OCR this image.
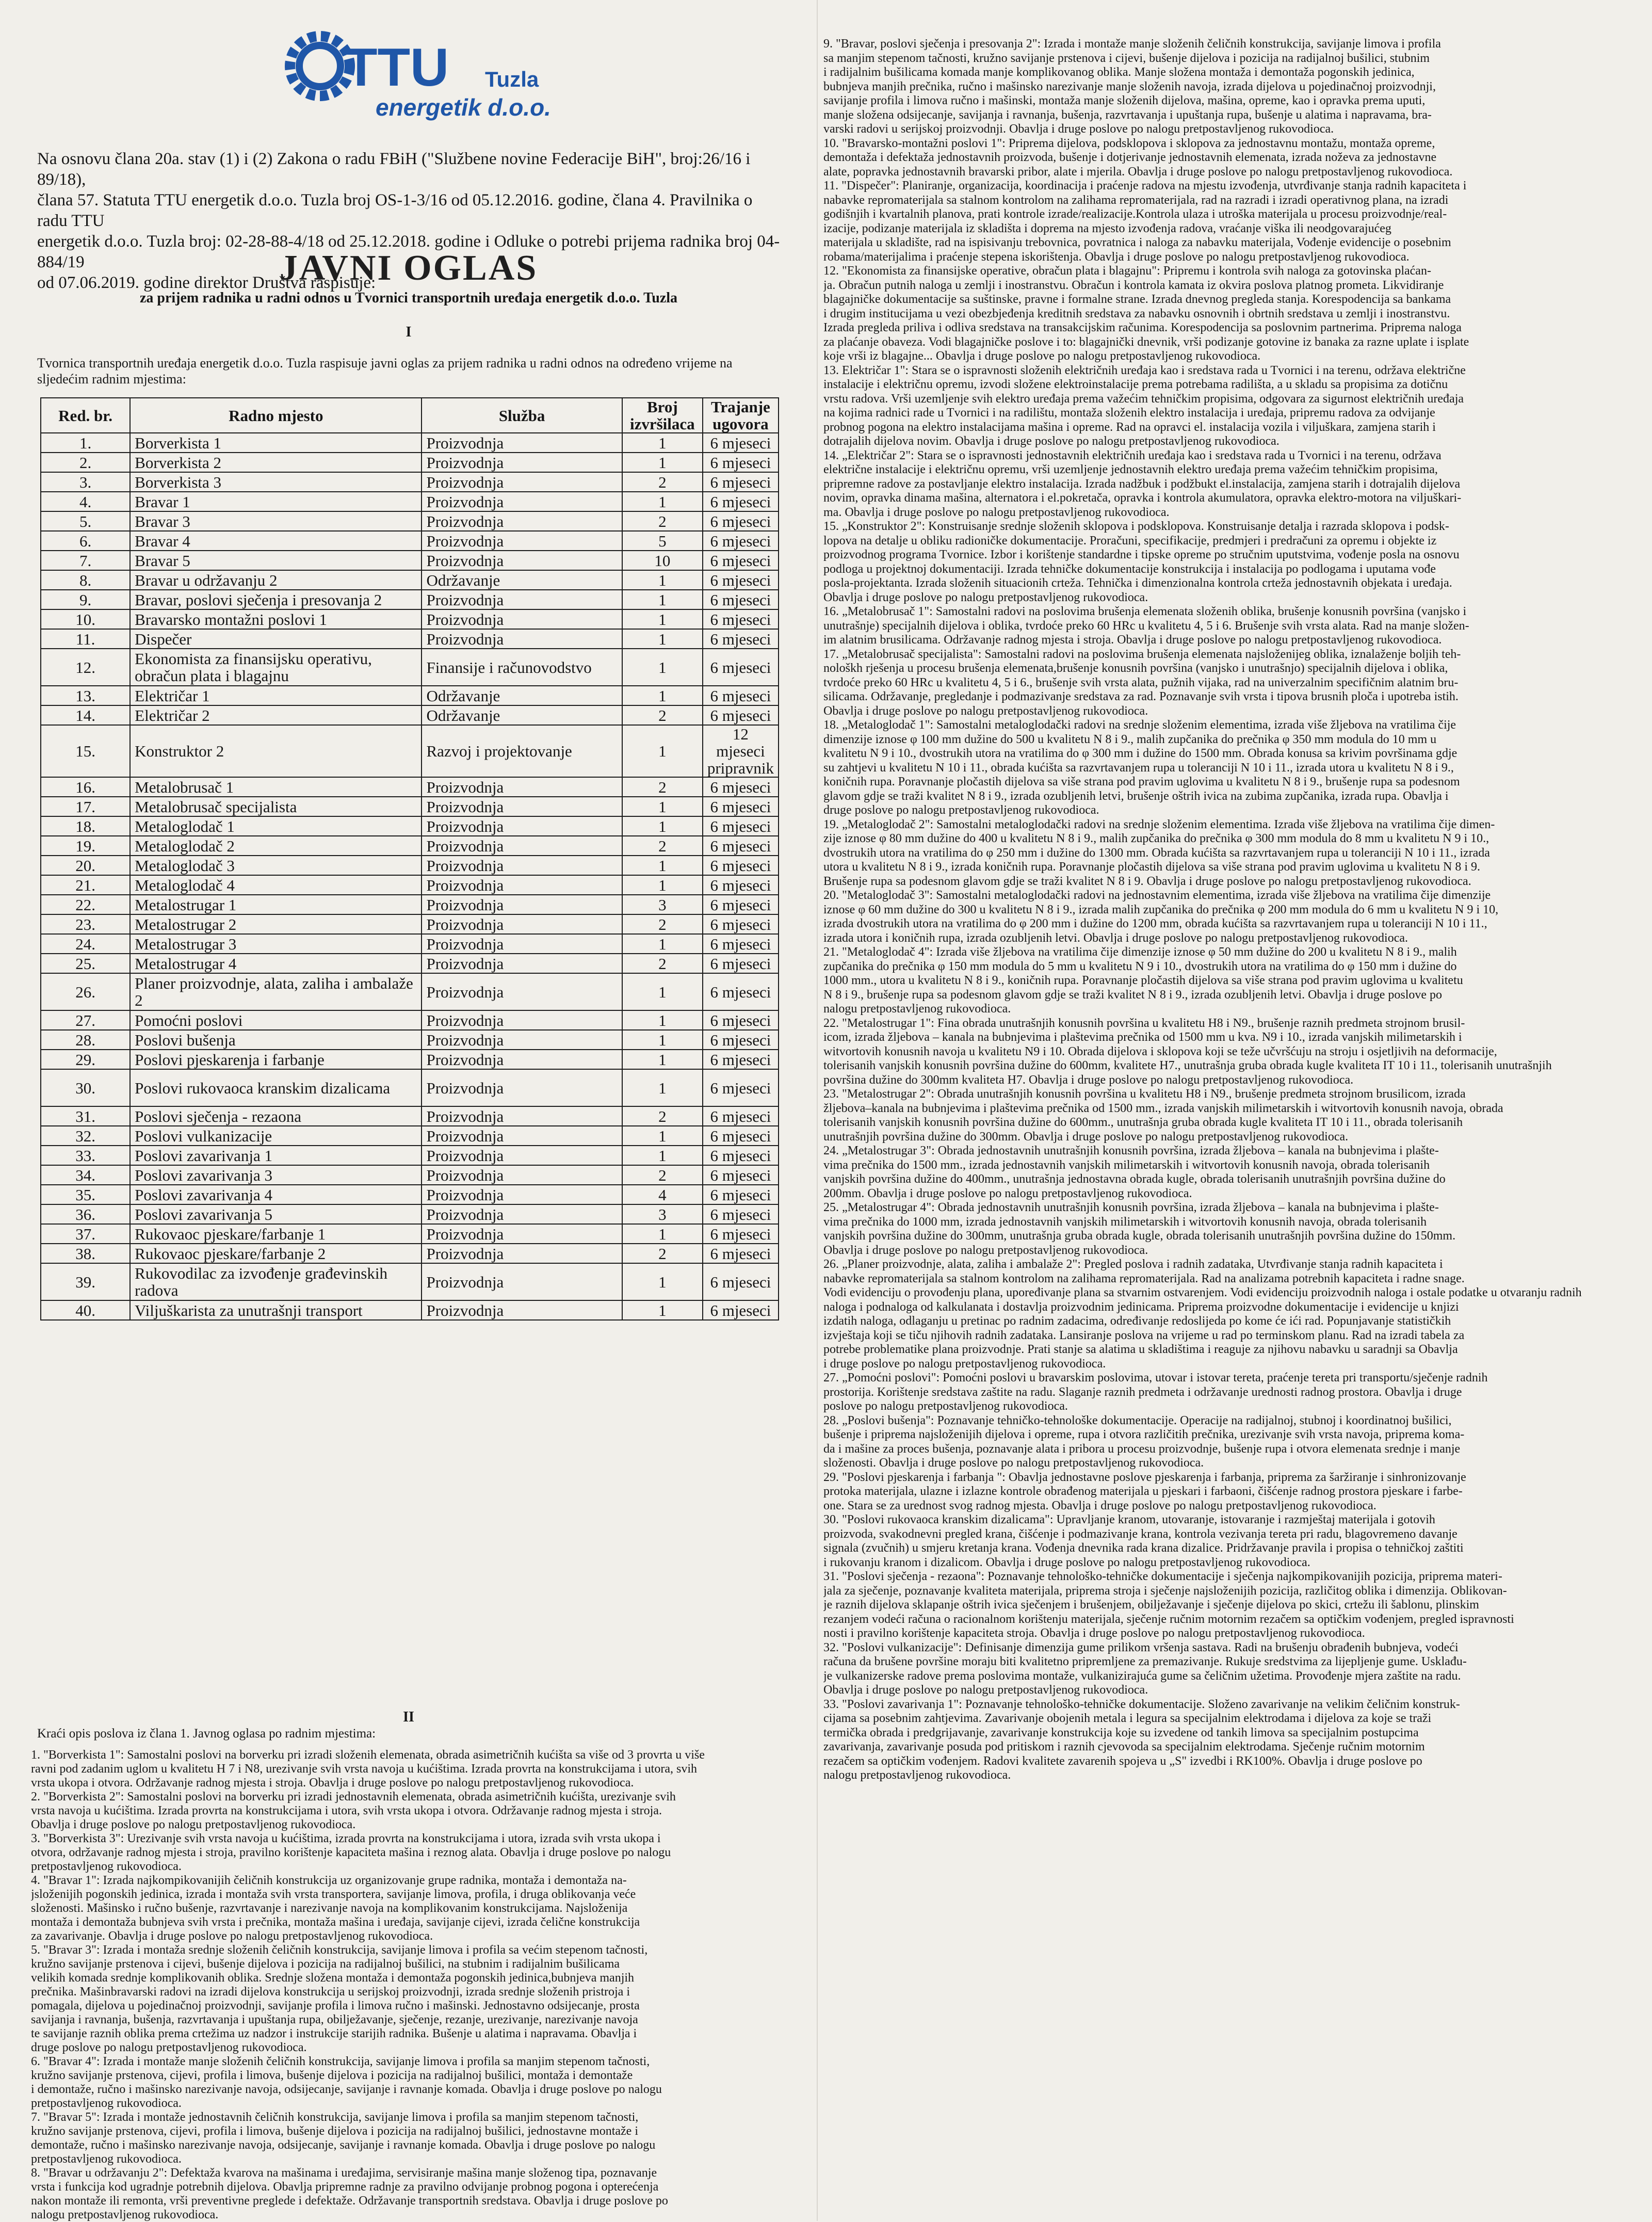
TTU Tuzla
energetik d.o.o.
Na osnovu člana 20a. stav (1) i (2) Zakona o radu FBiH ("Službene novine Federacije BiH", broj:26/16 i 89/18),
člana 57. Statuta TTU energetik d.o.o. Tuzla broj OS-1-3/16 od 05.12.2016. godine, člana 4. Pravilnika o radu TTU
energetik d.o.o. Tuzla broj: 02-28-88-4/18 od 25.12.2018. godine i Odluke o potrebi prijema radnika broj 04-884/19
od 07.06.2019. godine direktor Društva raspisuje:
JAVNI OGLAS
za prijem radnika u radni odnos u Tvornici transportnih uređaja energetik d.o.o. Tuzla
I
Tvornica transportnih uređaja energetik d.o.o. Tuzla raspisuje javni oglas za prijem radnika u radni odnos na određeno vrijeme na
sljedećim radnim mjestima:
Red. br.	Radno mjesto	Služba	Broj izvršilaca	Trajanje ugovora
1.	Borverkista 1	Proizvodnja	1	6 mjeseci
2.	Borverkista 2	Proizvodnja	1	6 mjeseci
3.	Borverkista 3	Proizvodnja	2	6 mjeseci
4.	Bravar 1	Proizvodnja	1	6 mjeseci
5.	Bravar 3	Proizvodnja	2	6 mjeseci
6.	Bravar 4	Proizvodnja	5	6 mjeseci
7.	Bravar 5	Proizvodnja	10	6 mjeseci
8.	Bravar u održavanju 2	Održavanje	1	6 mjeseci
9.	Bravar, poslovi sječenja i presovanja 2	Proizvodnja	1	6 mjeseci
10.	Bravarsko montažni poslovi 1	Proizvodnja	1	6 mjeseci
11.	Dispečer	Proizvodnja	1	6 mjeseci
12.	Ekonomista za finansijsku operativu, obračun plata i blagajnu	Finansije i računovodstvo	1	6 mjeseci
13.	Električar 1	Održavanje	1	6 mjeseci
14.	Električar 2	Održavanje	2	6 mjeseci
15.	Konstruktor 2	Razvoj i projektovanje	1	12 mjeseci pripravnik
16.	Metalobrusač 1	Proizvodnja	2	6 mjeseci
17.	Metalobrusač specijalista	Proizvodnja	1	6 mjeseci
18.	Metaloglodač 1	Proizvodnja	1	6 mjeseci
19.	Metaloglodač 2	Proizvodnja	2	6 mjeseci
20.	Metaloglodač 3	Proizvodnja	1	6 mjeseci
21.	Metaloglodač 4	Proizvodnja	1	6 mjeseci
22.	Metalostrugar 1	Proizvodnja	3	6 mjeseci
23.	Metalostrugar 2	Proizvodnja	2	6 mjeseci
24.	Metalostrugar 3	Proizvodnja	1	6 mjeseci
25.	Metalostrugar 4	Proizvodnja	2	6 mjeseci
26.	Planer proizvodnje, alata, zaliha i ambalaže 2	Proizvodnja	1	6 mjeseci
27.	Pomoćni poslovi	Proizvodnja	1	6 mjeseci
28.	Poslovi bušenja	Proizvodnja	1	6 mjeseci
29.	Poslovi pjeskarenja i farbanje	Proizvodnja	1	6 mjeseci
30.	Poslovi rukovaoca kranskim dizalicama	Proizvodnja	1	6 mjeseci
31.	Poslovi sječenja - rezaona	Proizvodnja	2	6 mjeseci
32.	Poslovi vulkanizacije	Proizvodnja	1	6 mjeseci
33.	Poslovi zavarivanja 1	Proizvodnja	1	6 mjeseci
34.	Poslovi zavarivanja 3	Proizvodnja	2	6 mjeseci
35.	Poslovi zavarivanja 4	Proizvodnja	4	6 mjeseci
36.	Poslovi zavarivanja 5	Proizvodnja	3	6 mjeseci
37.	Rukovaoc pjeskare/farbanje 1	Proizvodnja	1	6 mjeseci
38.	Rukovaoc pjeskare/farbanje 2	Proizvodnja	2	6 mjeseci
39.	Rukovodilac za izvođenje građevinskih radova	Proizvodnja	1	6 mjeseci
40.	Viljuškarista za unutrašnji transport	Proizvodnja	1	6 mjeseci
II
Kraći opis poslova iz člana 1. Javnog oglasa po radnim mjestima:
1. "Borverkista 1": Samostalni poslovi na borverku pri izradi složenih elemenata, obrada asimetričnih kućišta sa više od 3 provrta u više
ravni pod zadanim uglom u kvalitetu H 7 i N8, urezivanje svih vrsta navoja u kućištima. Izrada provrta na konstrukcijama i utora, svih
vrsta ukopa i otvora. Održavanje radnog mjesta i stroja. Obavlja i druge poslove po nalogu pretpostavljenog rukovodioca.
2. "Borverkista 2": Samostalni poslovi na borverku pri izradi jednostavnih elemenata, obrada asimetričnih kućišta, urezivanje svih
vrsta navoja u kućištima. Izrada provrta na konstrukcijama i utora, svih vrsta ukopa i otvora. Održavanje radnog mjesta i stroja.
Obavlja i druge poslove po nalogu pretpostavljenog rukovodioca.
3. "Borverkista 3": Urezivanje svih vrsta navoja u kućištima, izrada provrta na konstrukcijama i utora, izrada svih vrsta ukopa i
otvora, održavanje radnog mjesta i stroja, pravilno korištenje kapaciteta mašina i reznog alata. Obavlja i druge poslove po nalogu
pretpostavljenog rukovodioca.
4. "Bravar 1": Izrada najkompikovanijih čeličnih konstrukcija uz organizovanje grupe radnika, montaža i demontaža na-
jsloženijih pogonskih jedinica, izrada i montaža svih vrsta transportera, savijanje limova, profila, i druga oblikovanja veće
složenosti. Mašinsko i ručno bušenje, razvrtavanje i narezivanje navoja na komplikovanim konstrukcijama. Najsloženija
montaža i demontaža bubnjeva svih vrsta i prečnika, montaža mašina i uređaja, savijanje cijevi, izrada čelične konstrukcija
za zavarivanje. Obavlja i druge poslove po nalogu pretpostavljenog rukovodioca.
5. "Bravar 3": Izrada i montaža srednje složenih čeličnih konstrukcija, savijanje limova i profila sa većim stepenom tačnosti,
kružno savijanje prstenova i cijevi, bušenje dijelova i pozicija na radijalnoj bušilici, na stubnim i radijalnim bušilicama
velikih komada srednje komplikovanih oblika. Srednje složena montaža i demontaža pogonskih jedinica,bubnjeva manjih
prečnika. Mašinbravarski radovi na izradi dijelova konstrukcija u serijskoj proizvodnji, izrada srednje složenih pristroja i
pomagala, dijelova u pojedinačnoj proizvodnji, savijanje profila i limova ručno i mašinski. Jednostavno odsijecanje, prosta
savijanja i ravnanja, bušenja, razvrtavanja i upuštanja rupa, obilježavanje, sječenje, rezanje, urezivanje, narezivanje navoja
te savijanje raznih oblika prema crtežima uz nadzor i instrukcije starijih radnika. Bušenje u alatima i napravama. Obavlja i
druge poslove po nalogu pretpostavljenog rukovodioca.
6. "Bravar 4": Izrada i montaže manje složenih čeličnih konstrukcija, savijanje limova i profila sa manjim stepenom tačnosti,
kružno savijanje prstenova, cijevi, profila i limova, bušenje dijelova i pozicija na radijalnoj bušilici, montaža i demontaže
i demontaže, ručno i mašinsko narezivanje navoja, odsijecanje, savijanje i ravnanje komada. Obavlja i druge poslove po nalogu
pretpostavljenog rukovodioca.
7. "Bravar 5": Izrada i montaže jednostavnih čeličnih konstrukcija, savijanje limova i profila sa manjim stepenom tačnosti,
kružno savijanje prstenova, cijevi, profila i limova, bušenje dijelova i pozicija na radijalnoj bušilici, jednostavne montaže i
demontaže, ručno i mašinsko narezivanje navoja, odsijecanje, savijanje i ravnanje komada. Obavlja i druge poslove po nalogu
pretpostavljenog rukovodioca.
8. "Bravar u održavanju 2": Defektaža kvarova na mašinama i uređajima, servisiranje mašina manje složenog tipa, poznavanje
vrsta i funkcija kod ugradnje potrebnih dijelova. Obavlja pripremne radnje za pravilno odvijanje probnog pogona i opterećenja
nakon montaže ili remonta, vrši preventivne preglede i defektaže. Održavanje transportnih sredstava. Obavlja i druge poslove po
nalogu pretpostavljenog rukovodioca.
9. "Bravar, poslovi sječenja i presovanja 2": Izrada i montaže manje složenih čeličnih konstrukcija, savijanje limova i profila
sa manjim stepenom tačnosti, kružno savijanje prstenova i cijevi, bušenje dijelova i pozicija na radijalnoj bušilici, stubnim
i radijalnim bušilicama komada manje komplikovanog oblika. Manje složena montaža i demontaža pogonskih jedinica,
bubnjeva manjih prečnika, ručno i mašinsko narezivanje manje složenih navoja, izrada dijelova u pojedinačnoj proizvodnji,
savijanje profila i limova ručno i mašinski, montaža manje složenih dijelova, mašina, opreme, kao i opravka prema uputi,
manje složena odsijecanje, savijanja i ravnanja, bušenja, razvrtavanja i upuštanja rupa, bušenje u alatima i napravama, bra-
varski radovi u serijskoj proizvodnji. Obavlja i druge poslove po nalogu pretpostavljenog rukovodioca.
10. "Bravarsko-montažni poslovi 1": Priprema dijelova, podsklopova i sklopova za jednostavnu montažu, montaža opreme,
demontaža i defektaža jednostavnih proizvoda, bušenje i dotjerivanje jednostavnih elemenata, izrada noževa za jednostavne
alate, popravka jednostavnih bravarski pribor, alate i mjerila. Obavlja i druge poslove po nalogu pretpostavljenog rukovodioca.
11. "Dispečer": Planiranje, organizacija, koordinacija i praćenje radova na mjestu izvođenja, utvrđivanje stanja radnih kapaciteta i
nabavke repromaterijala sa stalnom kontrolom na zalihama repromaterijala, rad na razradi i izradi operativnog plana, na izradi
godišnjih i kvartalnih planova, prati kontrole izrade/realizacije.Kontrola ulaza i utroška materijala u procesu proizvodnje/real-
izacije, podizanje materijala iz skladišta i doprema na mjesto izvođenja radova, vraćanje viška ili neodgovarajućeg
materijala u skladište, rad na ispisivanju trebovnica, povratnica i naloga za nabavku materijala, Vođenje evidencije o posebnim
robama/materijalima i praćenje stepena iskorištenja. Obavlja i druge poslove po nalogu pretpostavljenog rukovodioca.
12. "Ekonomista za finansijske operative, obračun plata i blagajnu": Pripremu i kontrola svih naloga za gotovinska plaćan-
ja. Obračun putnih naloga u zemlji i inostranstvu. Obračun i kontrola kamata iz okvira poslova platnog prometa. Likvidiranje
blagajničke dokumentacije sa suštinske, pravne i formalne strane. Izrada dnevnog pregleda stanja. Korespodencija sa bankama
i drugim institucijama u vezi obezbjeđenja kreditnih sredstava za nabavku osnovnih i obrtnih sredstava u zemlji i inostranstvu.
Izrada pregleda priliva i odliva sredstava na transakcijskim računima. Korespodencija sa poslovnim partnerima. Priprema naloga
za plaćanje obaveza. Vodi blagajničke poslove i to: blagajnički dnevnik, vrši podizanje gotovine iz banaka za razne uplate i isplate
koje vrši iz blagajne... Obavlja i druge poslove po nalogu pretpostavljenog rukovodioca.
13. Električar 1": Stara se o ispravnosti složenih električnih uređaja kao i sredstava rada u Tvornici i na terenu, održava električne
instalacije i električnu opremu, izvodi složene elektroinstalacije prema potrebama radilišta, a u skladu sa propisima za dotičnu
vrstu radova. Vrši uzemljenje svih elektro uređaja prema važećim tehničkim propisima, odgovara za sigurnost električnih uređaja
na kojima radnici rade u Tvornici i na radilištu, montaža složenih elektro instalacija i uređaja, pripremu radova za odvijanje
probnog pogona na elektro instalacijama mašina i opreme. Rad na opravci el. instalacija vozila i viljuškara, zamjena starih i
dotrajalih dijelova novim. Obavlja i druge poslove po nalogu pretpostavljenog rukovodioca.
14. „Električar 2": Stara se o ispravnosti jednostavnih električnih uređaja kao i sredstava rada u Tvornici i na terenu, održava
električne instalacije i električnu opremu, vrši uzemljenje jednostavnih elektro uređaja prema važećim tehničkim propisima,
pripremne radove za postavljanje elektro instalacija. Izrada nadžbuk i podžbukt el.instalacija, zamjena starih i dotrajalih dijelova
novim, opravka dinama mašina, alternatora i el.pokretača, opravka i kontrola akumulatora, opravka elektro-motora na viljuškari-
ma. Obavlja i druge poslove po nalogu pretpostavljenog rukovodioca.
15. „Konstruktor 2": Konstruisanje srednje složenih sklopova i podsklopova. Konstruisanje detalja i razrada sklopova i podsk-
lopova na detalje u obliku radioničke dokumentacije. Proračuni, specifikacije, predmjeri i predračuni za opremu i objekte iz
proizvodnog programa Tvornice. Izbor i korištenje standardne i tipske opreme po stručnim uputstvima, vođenje posla na osnovu
podloga u projektnoj dokumentaciji. Izrada tehničke dokumentacije konstrukcija i instalacija po podlogama i uputama vođe
posla-projektanta. Izrada složenih situacionih crteža. Tehnička i dimenzionalna kontrola crteža jednostavnih objekata i uređaja.
Obavlja i druge poslove po nalogu pretpostavljenog rukovodioca.
16. „Metalobrusač 1": Samostalni radovi na poslovima brušenja elemenata složenih oblika, brušenje konusnih površina (vanjsko i
unutrašnje) specijalnih dijelova i oblika, tvrdoće preko 60 HRc u kvalitetu 4, 5 i 6. Brušenje svih vrsta alata. Rad na manje složen-
im alatnim brusilicama. Održavanje radnog mjesta i stroja. Obavlja i druge poslove po nalogu pretpostavljenog rukovodioca.
17. „Metalobrusač specijalista": Samostalni radovi na poslovima brušenja elemenata najsloženijeg oblika, iznalaženje boljih teh-
nološkh rješenja u procesu brušenja elemenata,brušenje konusnih površina (vanjsko i unutrašnjo) specijalnih dijelova i oblika,
tvrdoće preko 60 HRc u kvalitetu 4, 5 i 6., brušenje svih vrsta alata, pužnih vijaka, rad na univerzalnim specifičnim alatnim bru-
silicama. Održavanje, pregledanje i podmazivanje sredstava za rad. Poznavanje svih vrsta i tipova brusnih ploča i upotreba istih.
Obavlja i druge poslove po nalogu pretpostavljenog rukovodioca.
18. „Metaloglodač 1": Samostalni metaloglodački radovi na srednje složenim elementima, izrada više žljebova na vratilima čije
dimenzije iznose φ 100 mm dužine do 500 u kvalitetu N 8 i 9., malih zupčanika do prečnika φ 350 mm modula do 10 mm u
kvalitetu N 9 i 10., dvostrukih utora na vratilima do φ 300 mm i dužine do 1500 mm. Obrada konusa sa krivim površinama gdje
su zahtjevi u kvalitetu N 10 i 11., obrada kućišta sa razvrtavanjem rupa u toleranciji N 10 i 11., izrada utora u kvalitetu N 8 i 9.,
koničnih rupa. Poravnanje pločastih dijelova sa više strana pod pravim uglovima u kvalitetu N 8 i 9., brušenje rupa sa podesnom
glavom gdje se traži kvalitet N 8 i 9., izrada ozubljenih letvi, brušenje oštrih ivica na zubima zupčanika, izrada rupa. Obavlja i
druge poslove po nalogu pretpostavljenog rukovodioca.
19. „Metaloglodač 2": Samostalni metaloglodački radovi na srednje složenim elementima. Izrada više žljebova na vratilima čije dimen-
zije iznose φ 80 mm dužine do 400 u kvalitetu N 8 i 9., malih zupčanika do prečnika φ 300 mm modula do 8 mm u kvalitetu N 9 i 10.,
dvostrukih utora na vratilima do φ 250 mm i dužine do 1300 mm. Obrada kućišta sa razvrtavanjem rupa u toleranciji N 10 i 11., izrada
utora u kvalitetu N 8 i 9., izrada koničnih rupa. Poravnanje pločastih dijelova sa više strana pod pravim uglovima u kvalitetu N 8 i 9.
Brušenje rupa sa podesnom glavom gdje se traži kvalitet N 8 i 9. Obavlja i druge poslove po nalogu pretpostavljenog rukovodioca.
20. "Metaloglodač 3": Samostalni metaloglodački radovi na jednostavnim elementima, izrada više žljebova na vratilima čije dimenzije
iznose φ 60 mm dužine do 300 u kvalitetu N 8 i 9., izrada malih zupčanika do prečnika φ 200 mm modula do 6 mm u kvalitetu N 9 i 10,
izrada dvostrukih utora na vratilima do φ 200 mm i dužine do 1200 mm, obrada kućišta sa razvrtavanjem rupa u toleranciji N 10 i 11.,
izrada utora i koničnih rupa, izrada ozubljenih letvi. Obavlja i druge poslove po nalogu pretpostavljenog rukovodioca.
21. "Metaloglodač 4": Izrada više žljebova na vratilima čije dimenzije iznose φ 50 mm dužine do 200 u kvalitetu N 8 i 9., malih
zupčanika do prečnika φ 150 mm modula do 5 mm u kvalitetu N 9 i 10., dvostrukih utora na vratilima do φ 150 mm i dužine do
1000 mm., utora u kvalitetu N 8 i 9., koničnih rupa. Poravnanje pločastih dijelova sa više strana pod pravim uglovima u kvalitetu
N 8 i 9., brušenje rupa sa podesnom glavom gdje se traži kvalitet N 8 i 9., izrada ozubljenih letvi. Obavlja i druge poslove po
nalogu pretpostavljenog rukovodioca.
22. "Metalostrugar 1": Fina obrada unutrašnjih konusnih površina u kvalitetu H8 i N9., brušenje raznih predmeta strojnom brusil-
icom, izrada žljebova – kanala na bubnjevima i plaštevima prečnika od 1500 mm u kva. N9 i 10., izrada vanjskih milimetarskih i
witvortovih konusnih navoja u kvalitetu N9 i 10. Obrada dijelova i sklopova koji se teže učvršćuju na stroju i osjetljivih na deformacije,
tolerisanih vanjskih konusnih površina dužine do 600mm, kvalitete H7., unutrašnja gruba obrada kugle kvaliteta IT 10 i 11., tolerisanih unutrašnjih
površina dužine do 300mm kvaliteta H7. Obavlja i druge poslove po nalogu pretpostavljenog rukovodioca.
23. "Metalostrugar 2": Obrada unutrašnjih konusnih površina u kvalitetu H8 i N9., brušenje predmeta strojnom brusilicom, izrada
žljebova–kanala na bubnjevima i plaštevima prečnika od 1500 mm., izrada vanjskih milimetarskih i witvortovih konusnih navoja, obrada
tolerisanih vanjskih konusnih površina dužine do 600mm., unutrašnja gruba obrada kugle kvaliteta IT 10 i 11., obrada tolerisanih
unutrašnjih površina dužine do 300mm. Obavlja i druge poslove po nalogu pretpostavljenog rukovodioca.
24. „Metalostrugar 3": Obrada jednostavnih unutrašnjih konusnih površina, izrada žljebova – kanala na bubnjevima i plašte-
vima prečnika do 1500 mm., izrada jednostavnih vanjskih milimetarskih i witvortovih konusnih navoja, obrada tolerisanih
vanjskih površina dužine do 400mm., unutrašnja jednostavna obrada kugle, obrada tolerisanih unutrašnjih površina dužine do
200mm. Obavlja i druge poslove po nalogu pretpostavljenog rukovodioca.
25. „Metalostrugar 4": Obrada jednostavnih unutrašnjih konusnih površina, izrada žljebova – kanala na bubnjevima i plašte-
vima prečnika do 1000 mm, izrada jednostavnih vanjskih milimetarskih i witvortovih konusnih navoja, obrada tolerisanih
vanjskih površina dužine do 300mm, unutrašnja gruba obrada kugle, obrada tolerisanih unutrašnjih površina dužine do 150mm.
Obavlja i druge poslove po nalogu pretpostavljenog rukovodioca.
26. „Planer proizvodnje, alata, zaliha i ambalaže 2": Pregled poslova i radnih zadataka, Utvrđivanje stanja radnih kapaciteta i
nabavke repromaterijala sa stalnom kontrolom na zalihama repromaterijala. Rad na analizama potrebnih kapaciteta i radne snage.
Vodi evidenciju o provođenju plana, upoređivanje plana sa stvarnim ostvarenjem. Vodi evidenciju proizvodnih naloga i ostale podatke u otvaranju radnih
naloga i podnaloga od kalkulanata i dostavlja proizvodnim jedinicama. Priprema proizvodne dokumentacije i evidencije u knjizi
izdatih naloga, odlaganju u pretinac po radnim zadacima, određivanje redoslijeda po kome će ići rad. Popunjavanje statističkih
izvještaja koji se tiču njihovih radnih zadataka. Lansiranje poslova na vrijeme u rad po terminskom planu. Rad na izradi tabela za
potrebe problematike plana proizvodnje. Prati stanje sa alatima u skladištima i reaguje za njihovu nabavku u saradnji sa Obavlja
i druge poslove po nalogu pretpostavljenog rukovodioca.
27. „Pomoćni poslovi": Pomoćni poslovi u bravarskim poslovima, utovar i istovar tereta, praćenje tereta pri transportu/sječenje radnih
prostorija. Korištenje sredstava zaštite na radu. Slaganje raznih predmeta i održavanje urednosti radnog prostora. Obavlja i druge
poslove po nalogu pretpostavljenog rukovodioca.
28. „Poslovi bušenja": Poznavanje tehničko-tehnološke dokumentacije. Operacije na radijalnoj, stubnoj i koordinatnoj bušilici,
bušenje i priprema najsloženijih dijelova i opreme, rupa i otvora različitih prečnika, urezivanje svih vrsta navoja, priprema koma-
da i mašine za proces bušenja, poznavanje alata i pribora u procesu proizvodnje, bušenje rupa i otvora elemenata srednje i manje
složenosti. Obavlja i druge poslove po nalogu pretpostavljenog rukovodioca.
29. "Poslovi pjeskarenja i farbanja ": Obavlja jednostavne poslove pjeskarenja i farbanja, priprema za šaržiranje i sinhronizovanje
protoka materijala, ulazne i izlazne kontrole obrađenog materijala u pjeskari i farbaoni, čišćenje radnog prostora pjeskare i farbe-
one. Stara se za urednost svog radnog mjesta. Obavlja i druge poslove po nalogu pretpostavljenog rukovodioca.
30. "Poslovi rukovaoca kranskim dizalicama": Upravljanje kranom, utovaranje, istovaranje i razmještaj materijala i gotovih
proizvoda, svakodnevni pregled krana, čišćenje i podmazivanje krana, kontrola vezivanja tereta pri radu, blagovremeno davanje
signala (zvučnih) u smjeru kretanja krana. Vođenja dnevnika rada krana dizalice. Pridržavanje pravila i propisa o tehničkoj zaštiti
i rukovanju kranom i dizalicom. Obavlja i druge poslove po nalogu pretpostavljenog rukovodioca.
31. "Poslovi sječenja - rezaona": Poznavanje tehnološko-tehničke dokumentacije i sječenja najkompikovanijih pozicija, priprema materi-
jala za sječenje, poznavanje kvaliteta materijala, priprema stroja i sječenje najsloženijih pozicija, različitog oblika i dimenzija. Oblikovan-
je raznih dijelova sklapanje oštrih ivica sječenjem i brušenjem, obilježavanje i sječenje dijelova po skici, crtežu ili šablonu, plinskim
rezanjem vodeći računa o racionalnom korištenju materijala, sječenje ručnim motornim rezačem sa optičkim vođenjem, pregled ispravnosti
nosti i pravilno korištenje kapaciteta stroja. Obavlja i druge poslove po nalogu pretpostavljenog rukovodioca.
32. "Poslovi vulkanizacije": Definisanje dimenzija gume prilikom vršenja sastava. Radi na brušenju obrađenih bubnjeva, vodeći
računa da brušene površine moraju biti kvalitetno pripremljene za premazivanje. Rukuje sredstvima za lijepljenje gume. Usklađu-
je vulkanizerske radove prema poslovima montaže, vulkanizirajuća gume sa čeličnim užetima. Provođenje mjera zaštite na radu.
Obavlja i druge poslove po nalogu pretpostavljenog rukovodioca.
33. "Poslovi zavarivanja 1": Poznavanje tehnološko-tehničke dokumentacije. Složeno zavarivanje na velikim čeličnim konstruk-
cijama sa posebnim zahtjevima. Zavarivanje obojenih metala i legura sa specijalnim elektrodama i dijelova za koje se traži
termička obrada i predgrijavanje, zavarivanje konstrukcija koje su izvedene od tankih limova sa specijalnim postupcima
zavarivanja, zavarivanje posuda pod pritiskom i raznih cjevovoda sa specijalnim elektrodama. Sječenje ručnim motornim
rezačem sa optičkim vođenjem. Radovi kvalitete zavarenih spojeva u „S" izvedbi i RK100%. Obavlja i druge poslove po
nalogu pretpostavljenog rukovodioca.
